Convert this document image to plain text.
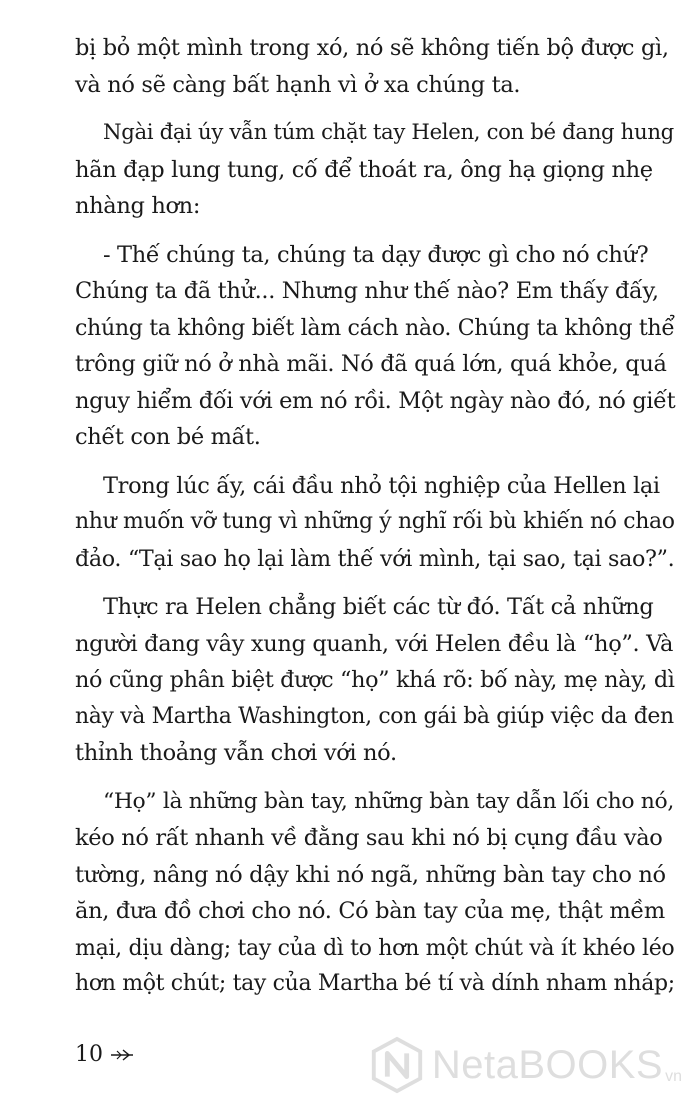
bị bỏ một mình trong xó, nó sẽ không tiến bộ được gì,
và nó sẽ càng bất hạnh vì ở xa chúng ta.
Ngài đại úy vẫn túm chặt tay Helen, con bé đang hung
hãn đạp lung tung, cố để thoát ra, ông hạ giọng nhẹ
nhàng hơn:
- Thế chúng ta, chúng ta dạy được gì cho nó chứ?
Chúng ta đã thử... Nhưng như thế nào? Em thấy đấy,
chúng ta không biết làm cách nào. Chúng ta không thể
trông giữ nó ở nhà mãi. Nó đã quá lớn, quá khỏe, quá
nguy hiểm đối với em nó rồi. Một ngày nào đó, nó giết
chết con bé mất.
Trong lúc ấy, cái đầu nhỏ tội nghiệp của Hellen lại
như muốn vỡ tung vì những ý nghĩ rối bù khiến nó chao
đảo. “Tại sao họ lại làm thế với mình, tại sao, tại sao?”.
Thực ra Helen chẳng biết các từ đó. Tất cả những
người đang vây xung quanh, với Helen đều là “họ”. Và
nó cũng phân biệt được “họ” khá rõ: bố này, mẹ này, dì
này và Martha Washington, con gái bà giúp việc da đen
thỉnh thoảng vẫn chơi với nó.
“Họ” là những bàn tay, những bàn tay dẫn lối cho nó,
kéo nó rất nhanh về đằng sau khi nó bị cụng đầu vào
tường, nâng nó dậy khi nó ngã, những bàn tay cho nó
ăn, đưa đồ chơi cho nó. Có bàn tay của mẹ, thật mềm
mại, dịu dàng; tay của dì to hơn một chút và ít khéo léo
hơn một chút; tay của Martha bé tí và dính nham nháp;
10	NetaBOOKS vn
